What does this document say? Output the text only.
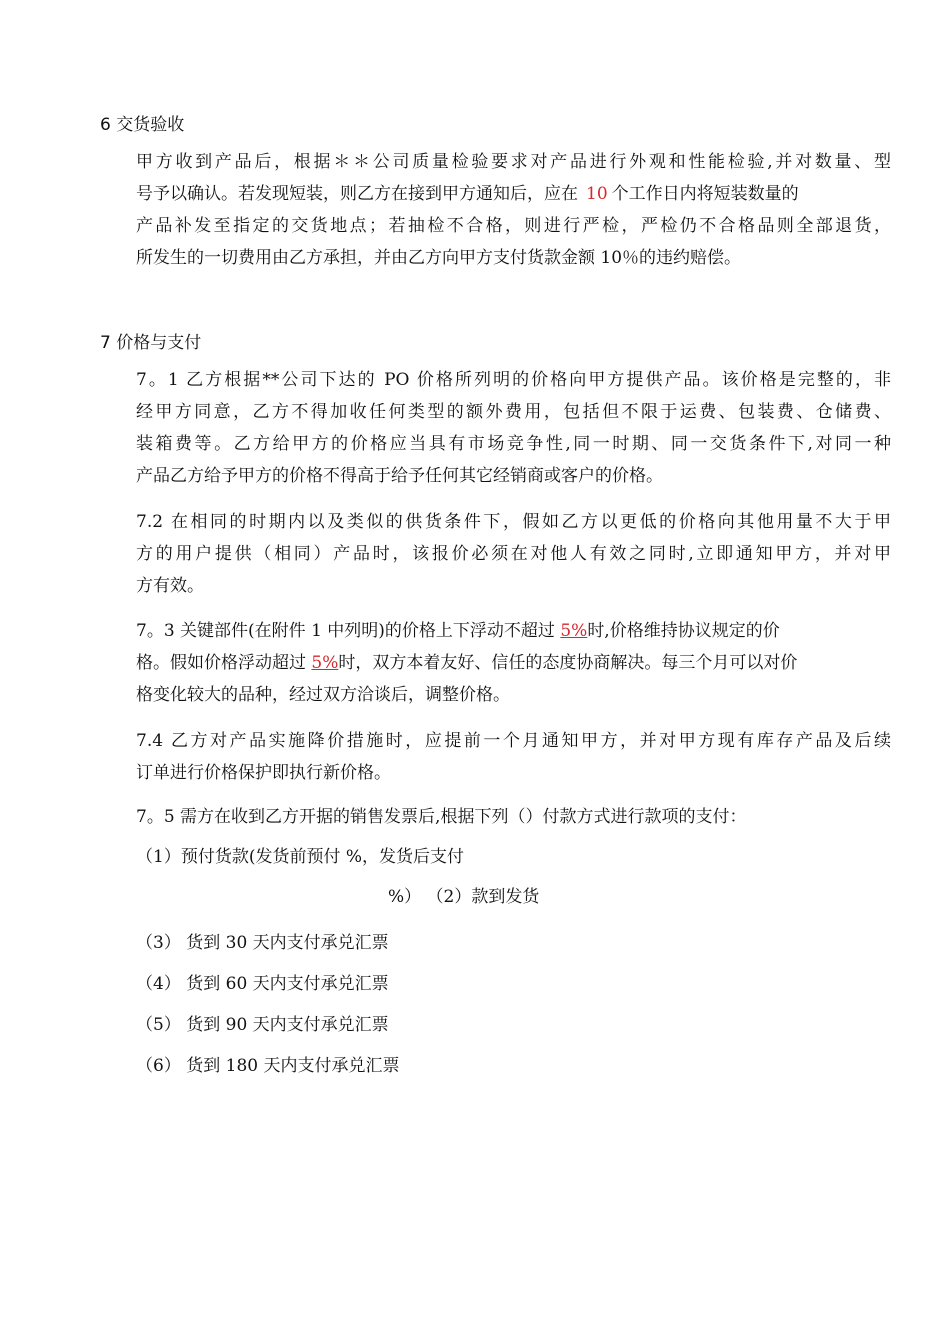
6 交货验收
甲方收到产品后，根据＊＊公司质量检验要求对产品进行外观和性能检验,并对数量、型
号予以确认。若发现短装，则乙方在接到甲方通知后，应在 10 个工作日内将短装数量的
产品补发至指定的交货地点；若抽检不合格，则进行严检，严检仍不合格品则全部退货，
所发生的一切费用由乙方承担，并由乙方向甲方支付货款金额 10％的违约赔偿。
7 价格与支付
7。1 乙方根据**公司下达的 PO 价格所列明的价格向甲方提供产品。该价格是完整的，非
经甲方同意，乙方不得加收任何类型的额外费用，包括但不限于运费、包装费、仓储费、
装箱费等。乙方给甲方的价格应当具有市场竞争性,同一时期、同一交货条件下,对同一种
产品乙方给予甲方的价格不得高于给予任何其它经销商或客户的价格。
7.2 在相同的时期内以及类似的供货条件下，假如乙方以更低的价格向其他用量不大于甲
方的用户提供（相同）产品时，该报价必须在对他人有效之同时,立即通知甲方，并对甲
方有效。
7。3 关键部件(在附件 1 中列明)的价格上下浮动不超过 5%时,价格维持协议规定的价
格。假如价格浮动超过 5%时，双方本着友好、信任的态度协商解决。每三个月可以对价
格变化较大的品种，经过双方洽谈后，调整价格。
7.4 乙方对产品实施降价措施时，应提前一个月通知甲方，并对甲方现有库存产品及后续
订单进行价格保护即执行新价格。
7。5 需方在收到乙方开据的销售发票后,根据下列（）付款方式进行款项的支付：
（1）预付货款(发货前预付 %，发货后支付
%） （2）款到发货
（3） 货到 30 天内支付承兑汇票
（4） 货到 60 天内支付承兑汇票
（5） 货到 90 天内支付承兑汇票
（6） 货到 180 天内支付承兑汇票
